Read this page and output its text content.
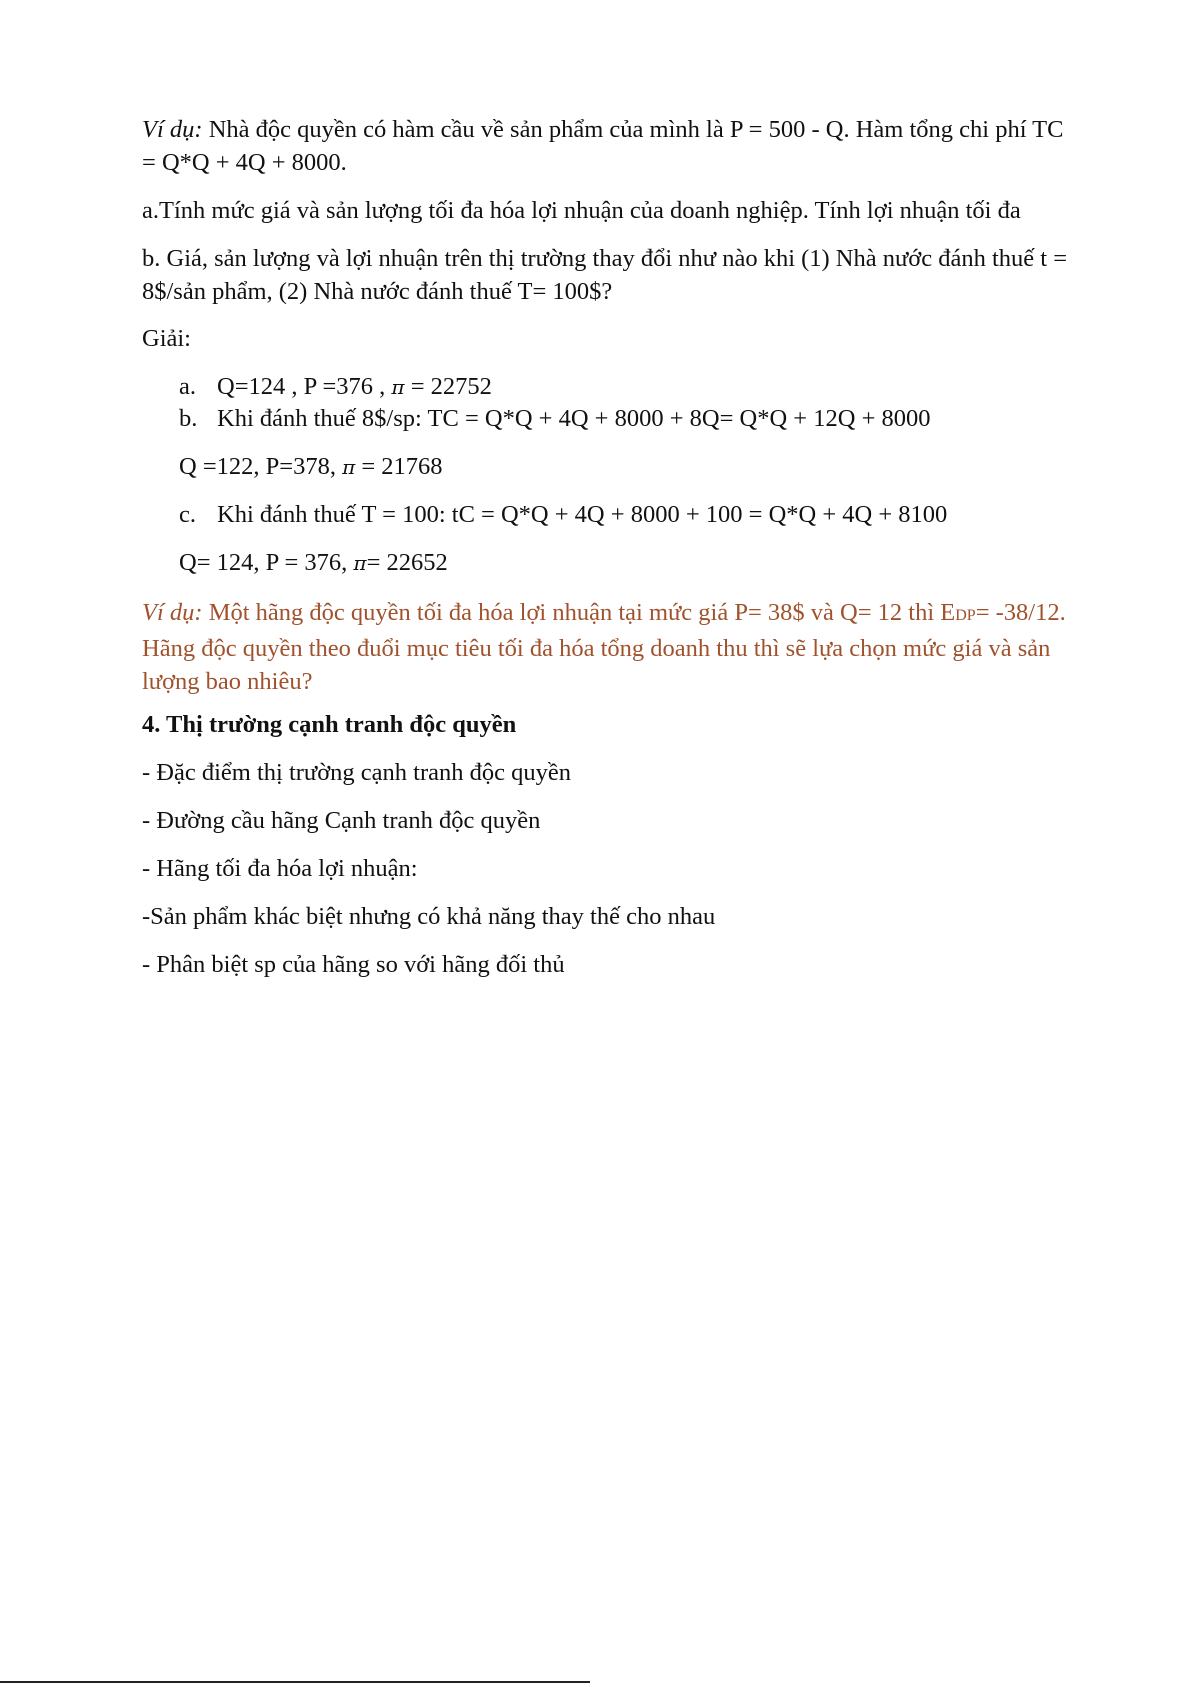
Ví dụ: Nhà độc quyền có hàm cầu về sản phẩm của mình là P = 500 - Q. Hàm tổng chi phí TC = Q*Q + 4Q + 8000.

a.Tính mức giá và sản lượng tối đa hóa lợi nhuận của doanh nghiệp. Tính lợi nhuận tối đa

b. Giá, sản lượng và lợi nhuận trên thị trường thay đổi như nào khi (1) Nhà nước đánh thuế t = 8$/sản phẩm, (2) Nhà nước đánh thuế T= 100$?

Giải:

a. Q=124 , P =376 , π = 22752

b. Khi đánh thuế 8$/sp: TC = Q*Q + 4Q + 8000 + 8Q= Q*Q + 12Q + 8000

Q =122, P=378, π = 21768

c. Khi đánh thuế T = 100: tC = Q*Q + 4Q + 8000 + 100 = Q*Q + 4Q + 8100

Q= 124, P = 376, π= 22652

Ví dụ: Một hãng độc quyền tối đa hóa lợi nhuận tại mức giá P= 38$ và Q= 12 thì EDP= -38/12. Hãng độc quyền theo đuổi mục tiêu tối đa hóa tổng doanh thu thì sẽ lựa chọn mức giá và sản lượng bao nhiêu?

4. Thị trường cạnh tranh độc quyền

- Đặc điểm thị trường cạnh tranh độc quyền

- Đường cầu hãng Cạnh tranh độc quyền

- Hãng tối đa hóa lợi nhuận:

-Sản phẩm khác biệt nhưng có khả năng thay thế cho nhau

- Phân biệt sp của hãng so với hãng đối thủ
